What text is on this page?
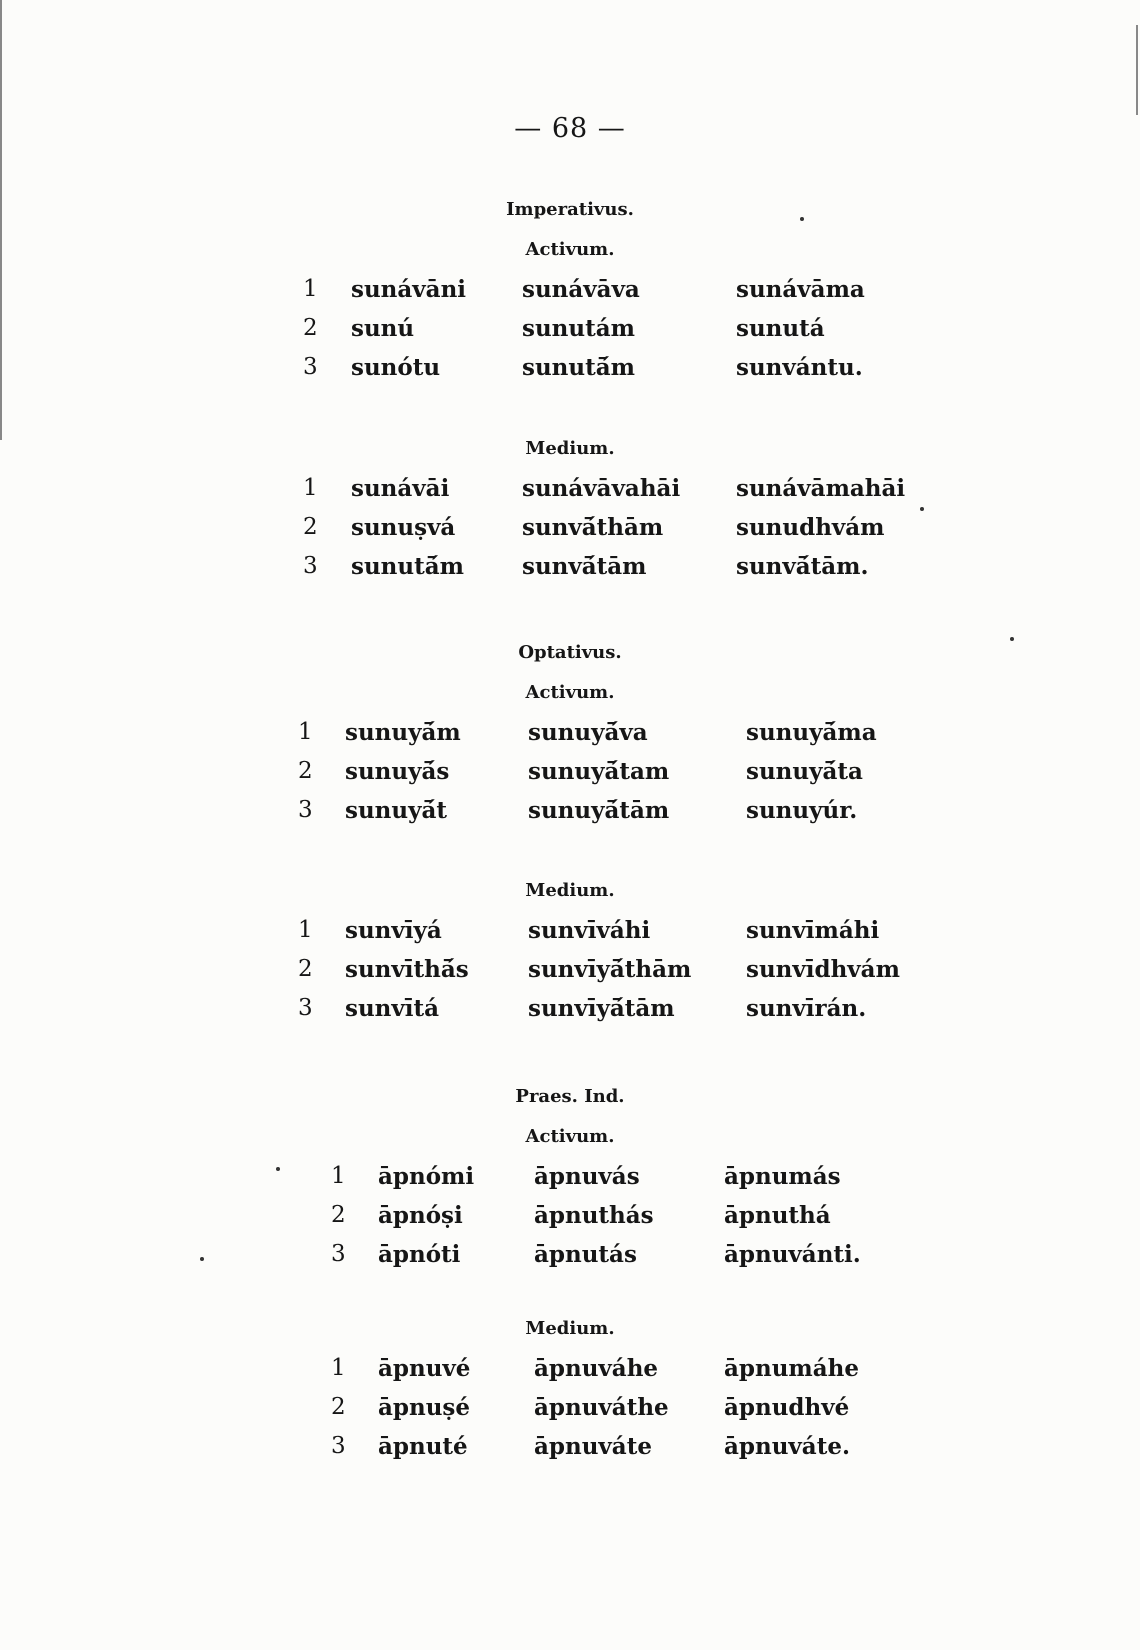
— 68 —
Imperativus.
Activum.
1 sunávāni sunávāva	sunávāma
2 sunú	sunutám	sunutá
3 sunótu	sunutā́m	sunvántu.
Medium.
1 sunávāi	sunávāvahāi sunávāmahāi
2 sunuṣvá	sunvā́thām	sunudhvám
3 sunutā́m	sunvā́tām	sunvā́tām.
Optativus.
Activum.
1 sunuyā́m	sunuyā́va	sunuyā́ma
2 sunuyā́s	sunuyā́tam	sunuyā́ta
3 sunuyā́t	sunuyā́tām	sunuyúr.
Medium.
1 sunvīyá	sunvīváhi	sunvīmáhi
2 sunvīthā́s	sunvīyā́thām sunvīdhvám
3 sunvītá	sunvīyā́tām	sunvīrán.
Praes. Ind.
Activum.
1 āpnómi	āpnuvás	āpnumás
2 āpnóṣi	āpnuthás	āpnuthá
3 āpnóti	āpnutás	āpnuvánti.
Medium.
1 āpnuvé	āpnuváhe	āpnumáhe
2 āpnuṣé	āpnuváthe āpnudhvé
3 āpnuté	āpnuváte	āpnuváte.
